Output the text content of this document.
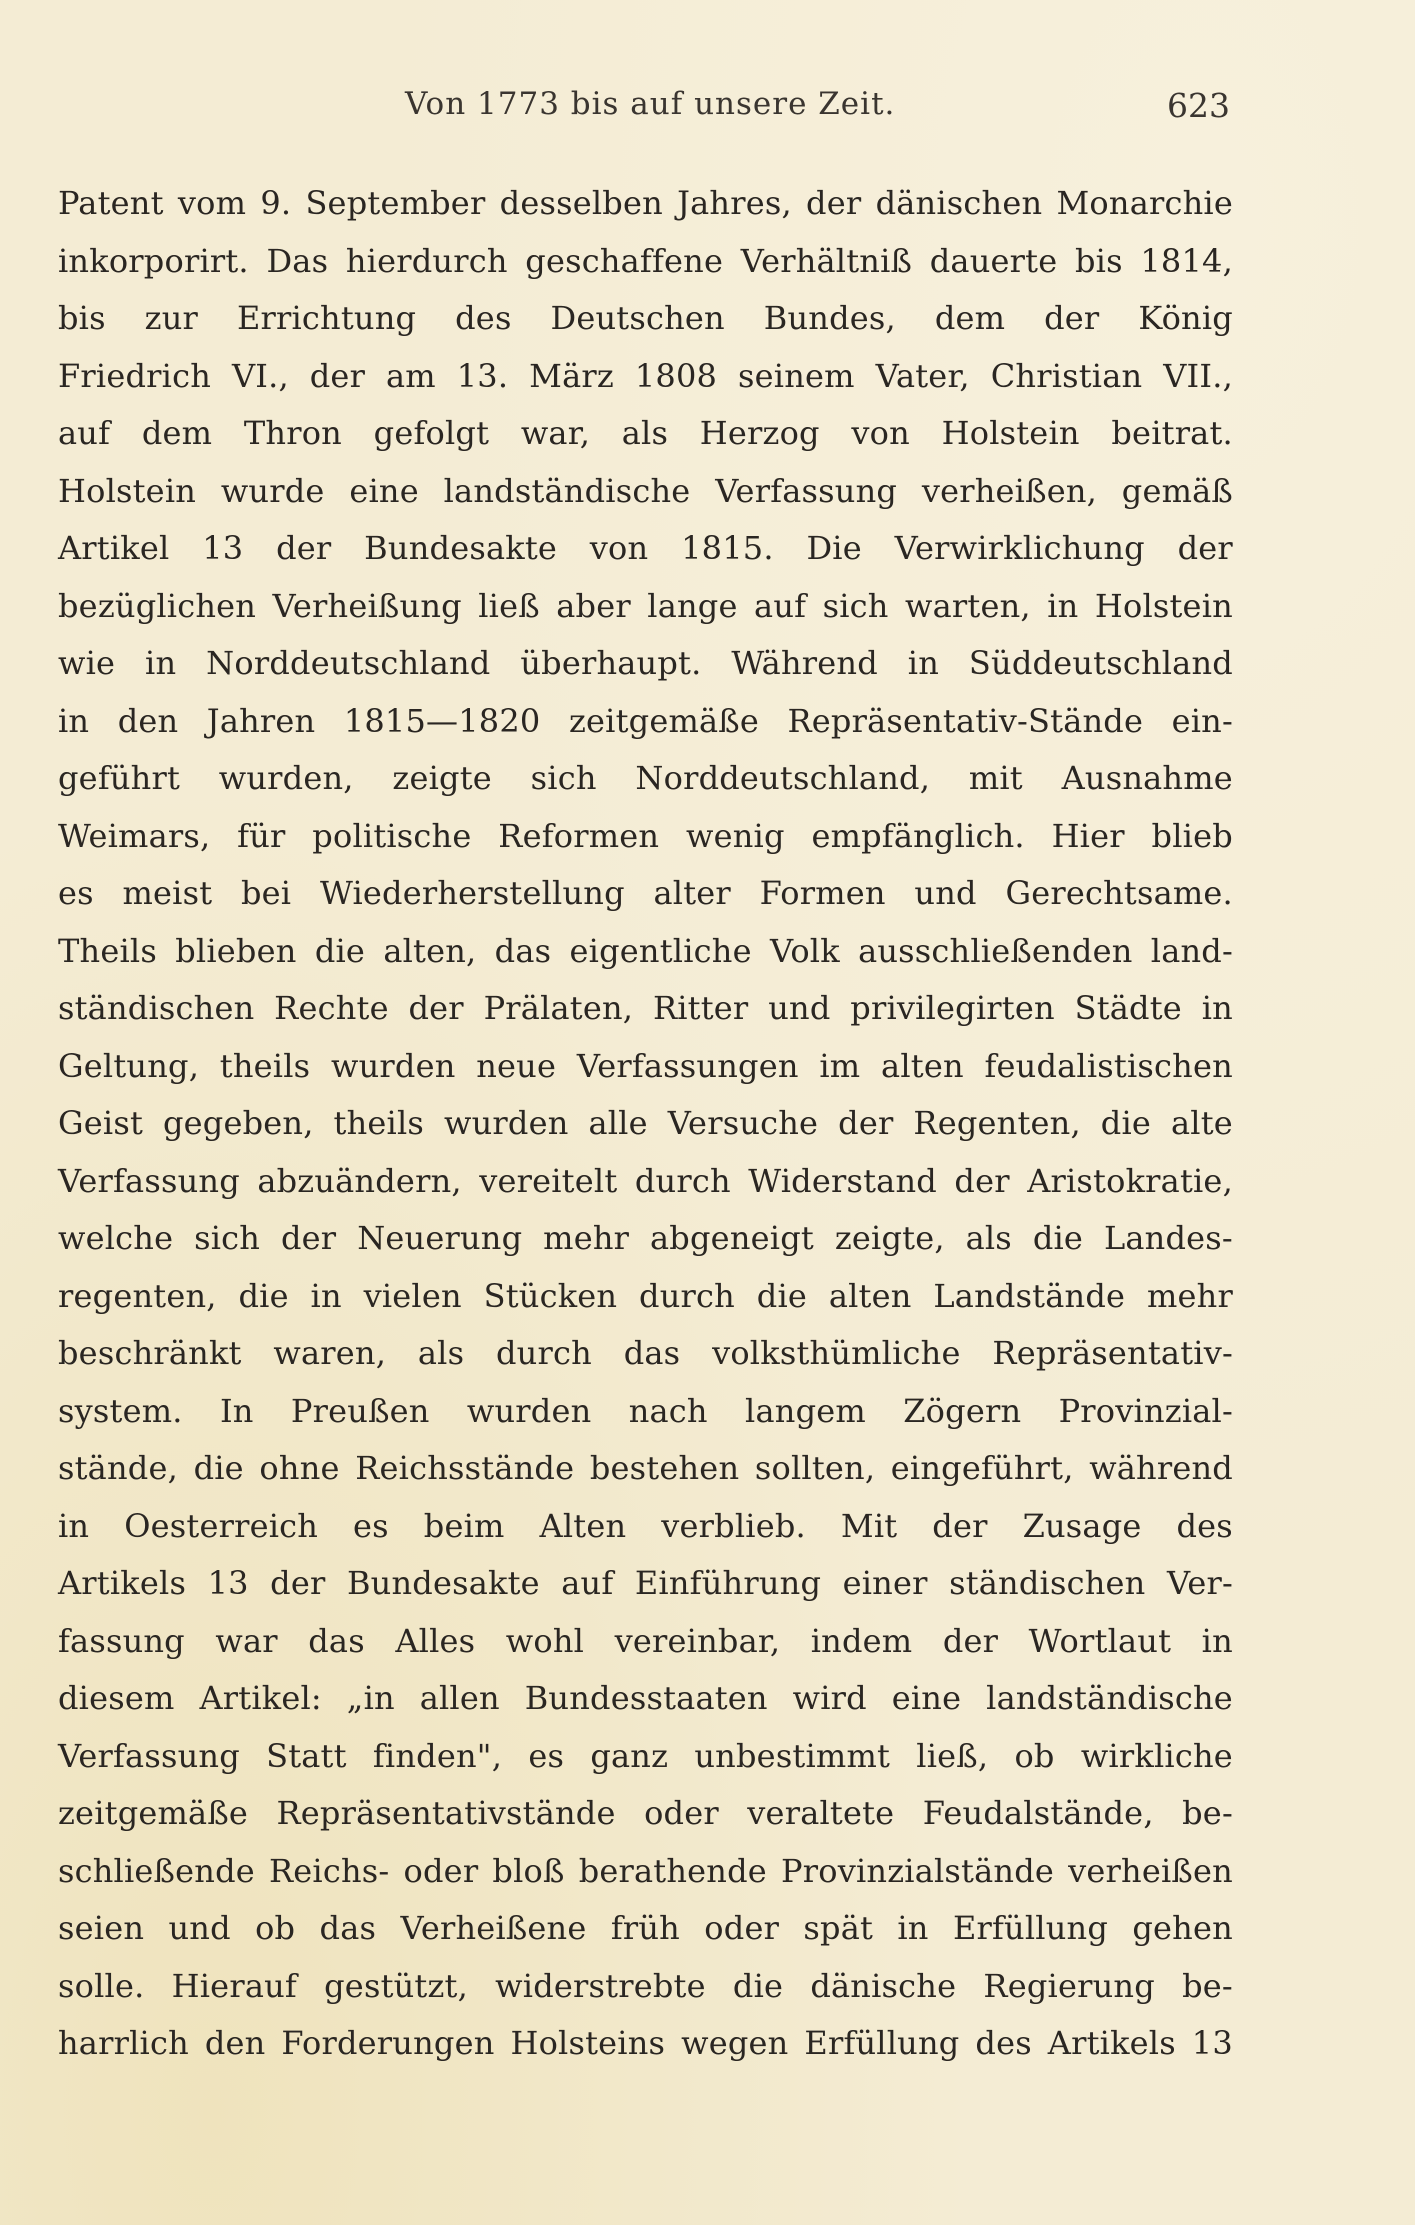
Von 1773 bis auf unsere Zeit.	623
Patent vom 9. September desselben Jahres, der dänischen Monarchie
inkorporirt. Das hierdurch geschaffene Verhältniß dauerte bis 1814,
bis zur Errichtung des Deutschen Bundes, dem der König
Friedrich VI., der am 13. März 1808 seinem Vater, Christian VII.,
auf dem Thron gefolgt war, als Herzog von Holstein beitrat.
Holstein wurde eine landständische Verfassung verheißen, gemäß
Artikel 13 der Bundesakte von 1815. Die Verwirklichung der
bezüglichen Verheißung ließ aber lange auf sich warten, in Holstein
wie in Norddeutschland überhaupt. Während in Süddeutschland
in den Jahren 1815—1820 zeitgemäße Repräsentativ-Stände ein-
geführt wurden, zeigte sich Norddeutschland, mit Ausnahme
Weimars, für politische Reformen wenig empfänglich. Hier blieb
es meist bei Wiederherstellung alter Formen und Gerechtsame.
Theils blieben die alten, das eigentliche Volk ausschließenden land-
ständischen Rechte der Prälaten, Ritter und privilegirten Städte in
Geltung, theils wurden neue Verfassungen im alten feudalistischen
Geist gegeben, theils wurden alle Versuche der Regenten, die alte
Verfassung abzuändern, vereitelt durch Widerstand der Aristokratie,
welche sich der Neuerung mehr abgeneigt zeigte, als die Landes-
regenten, die in vielen Stücken durch die alten Landstände mehr
beschränkt waren, als durch das volksthümliche Repräsentativ-
system. In Preußen wurden nach langem Zögern Provinzial-
stände, die ohne Reichsstände bestehen sollten, eingeführt, während
in Oesterreich es beim Alten verblieb. Mit der Zusage des
Artikels 13 der Bundesakte auf Einführung einer ständischen Ver-
fassung war das Alles wohl vereinbar, indem der Wortlaut in
diesem Artikel: „in allen Bundesstaaten wird eine landständische
Verfassung Statt finden", es ganz unbestimmt ließ, ob wirkliche
zeitgemäße Repräsentativstände oder veraltete Feudalstände, be-
schließende Reichs- oder bloß berathende Provinzialstände verheißen
seien und ob das Verheißene früh oder spät in Erfüllung gehen
solle. Hierauf gestützt, widerstrebte die dänische Regierung be-
harrlich den Forderungen Holsteins wegen Erfüllung des Artikels 13
